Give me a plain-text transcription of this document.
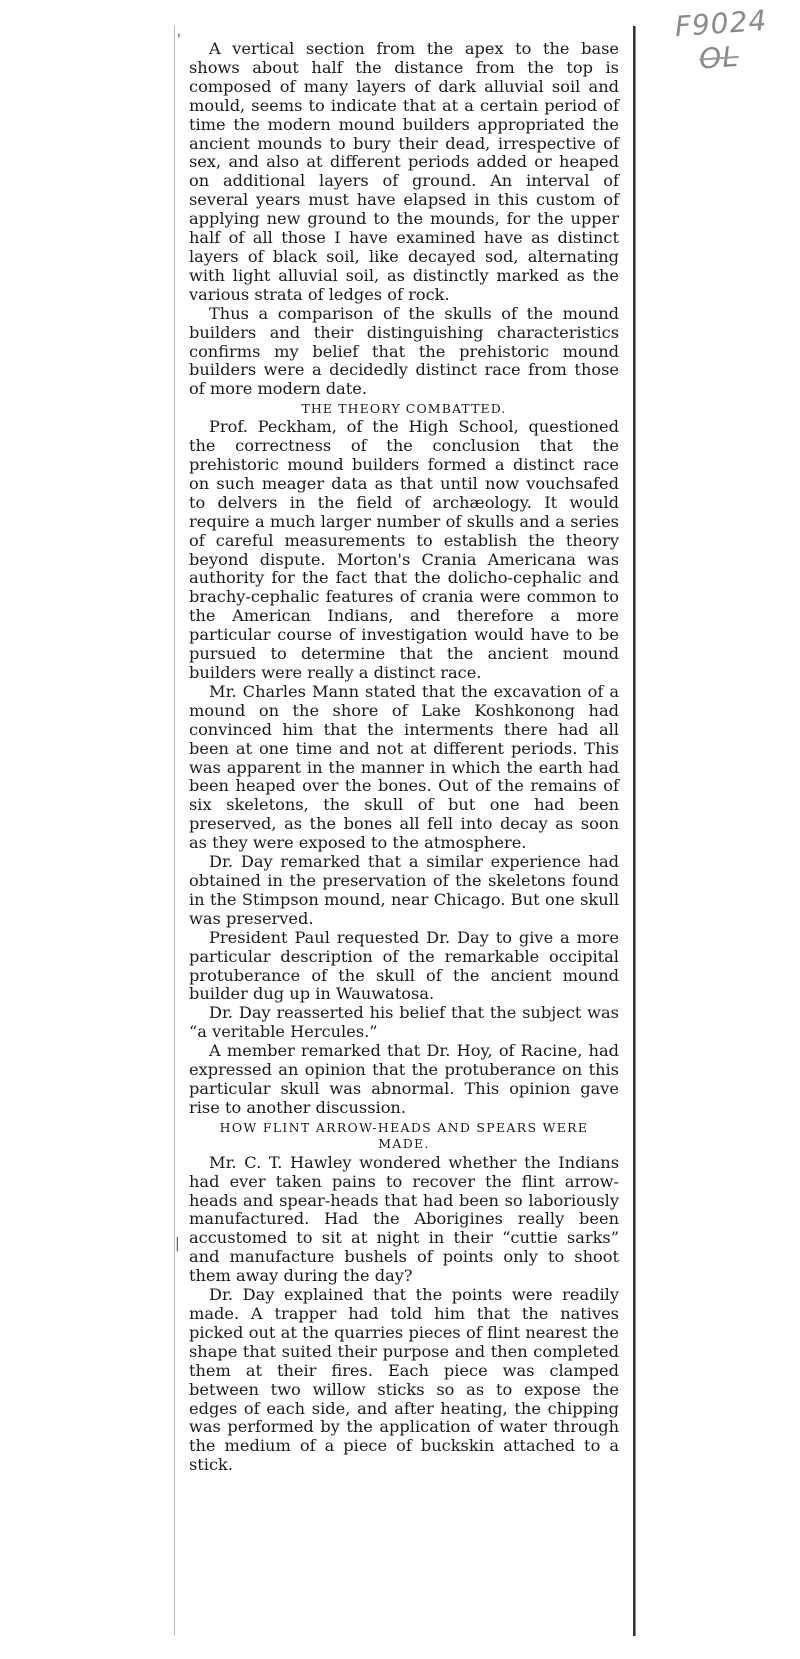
F9024
OL
'
|

A vertical section from the apex to the base shows about half the distance from the top is composed of many layers of dark alluvial soil and mould, seems to indicate that at a certain period of time the modern mound builders appropriated the ancient mounds to bury their dead, irrespective of sex, and also at different periods added or heaped on additional layers of ground. An interval of several years must have elapsed in this custom of applying new ground to the mounds, for the upper half of all those I have examined have as distinct layers of black soil, like decayed sod, alternating with light alluvial soil, as distinctly marked as the various strata of ledges of rock.

Thus a comparison of the skulls of the mound builders and their distinguishing characteristics confirms my belief that the prehistoric mound builders were a decidedly distinct race from those of more modern date.

THE THEORY COMBATTED.

Prof. Peckham, of the High School, questioned the correctness of the conclusion that the prehistoric mound builders formed a distinct race on such meager data as that until now vouchsafed to delvers in the field of archæology. It would require a much larger number of skulls and a series of careful measurements to establish the theory beyond dispute. Morton's Crania Americana was authority for the fact that the dolicho-cephalic and brachy-cephalic features of crania were common to the American Indians, and therefore a more particular course of investigation would have to be pursued to determine that the ancient mound builders were really a distinct race.

Mr. Charles Mann stated that the excavation of a mound on the shore of Lake Koshkonong had convinced him that the interments there had all been at one time and not at different periods. This was apparent in the manner in which the earth had been heaped over the bones. Out of the remains of six skeletons, the skull of but one had been preserved, as the bones all fell into decay as soon as they were exposed to the atmosphere.

Dr. Day remarked that a similar experience had obtained in the preservation of the skeletons found in the Stimpson mound, near Chicago. But one skull was preserved.

President Paul requested Dr. Day to give a more particular description of the remarkable occipital protuberance of the skull of the ancient mound builder dug up in Wauwatosa.

Dr. Day reasserted his belief that the subject was “a veritable Hercules.”

A member remarked that Dr. Hoy, of Racine, had expressed an opinion that the protuberance on this particular skull was abnormal. This opinion gave rise to another discussion.

HOW FLINT ARROW-HEADS AND SPEARS WERE
MADE.

Mr. C. T. Hawley wondered whether the Indians had ever taken pains to recover the flint arrow-heads and spear-heads that had been so laboriously manufactured. Had the Aborigines really been accustomed to sit at night in their “cuttie sarks” and manufacture bushels of points only to shoot them away during the day?

Dr. Day explained that the points were readily made. A trapper had told him that the natives picked out at the quarries pieces of flint nearest the shape that suited their purpose and then completed them at their fires. Each piece was clamped between two willow sticks so as to expose the edges of each side, and after heating, the chipping was performed by the application of water through the medium of a piece of buckskin attached to a stick.
